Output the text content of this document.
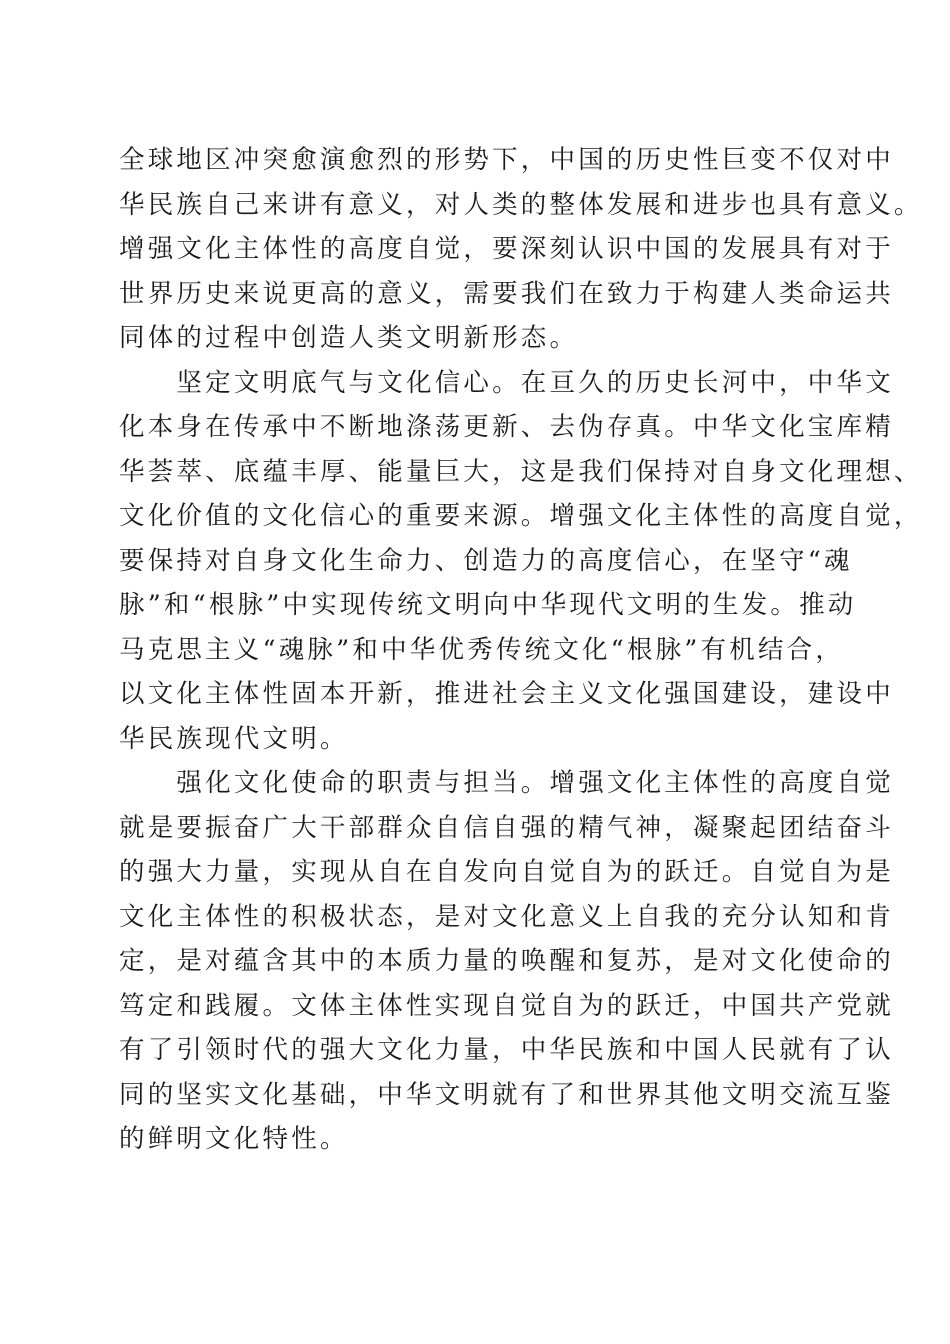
全球地区冲突愈演愈烈的形势下，中国的历史性巨变不仅对中
华民族自己来讲有意义，对人类的整体发展和进步也具有意义。
增强文化主体性的高度自觉，要深刻认识中国的发展具有对于
世界历史来说更高的意义，需要我们在致力于构建人类命运共
同体的过程中创造人类文明新形态。
　　坚定文明底气与文化信心。在亘久的历史长河中，中华文
化本身在传承中不断地涤荡更新、去伪存真。中华文化宝库精
华荟萃、底蕴丰厚、能量巨大，这是我们保持对自身文化理想、
文化价值的文化信心的重要来源。增强文化主体性的高度自觉，
要保持对自身文化生命力、创造力的高度信心，在坚守“魂
脉”和“根脉”中实现传统文明向中华现代文明的生发。推动
马克思主义“魂脉”和中华优秀传统文化“根脉”有机结合，
以文化主体性固本开新，推进社会主义文化强国建设，建设中
华民族现代文明。
　　强化文化使命的职责与担当。增强文化主体性的高度自觉
就是要振奋广大干部群众自信自强的精气神，凝聚起团结奋斗
的强大力量，实现从自在自发向自觉自为的跃迁。自觉自为是
文化主体性的积极状态，是对文化意义上自我的充分认知和肯
定，是对蕴含其中的本质力量的唤醒和复苏，是对文化使命的
笃定和践履。文体主体性实现自觉自为的跃迁，中国共产党就
有了引领时代的强大文化力量，中华民族和中国人民就有了认
同的坚实文化基础，中华文明就有了和世界其他文明交流互鉴
的鲜明文化特性。
